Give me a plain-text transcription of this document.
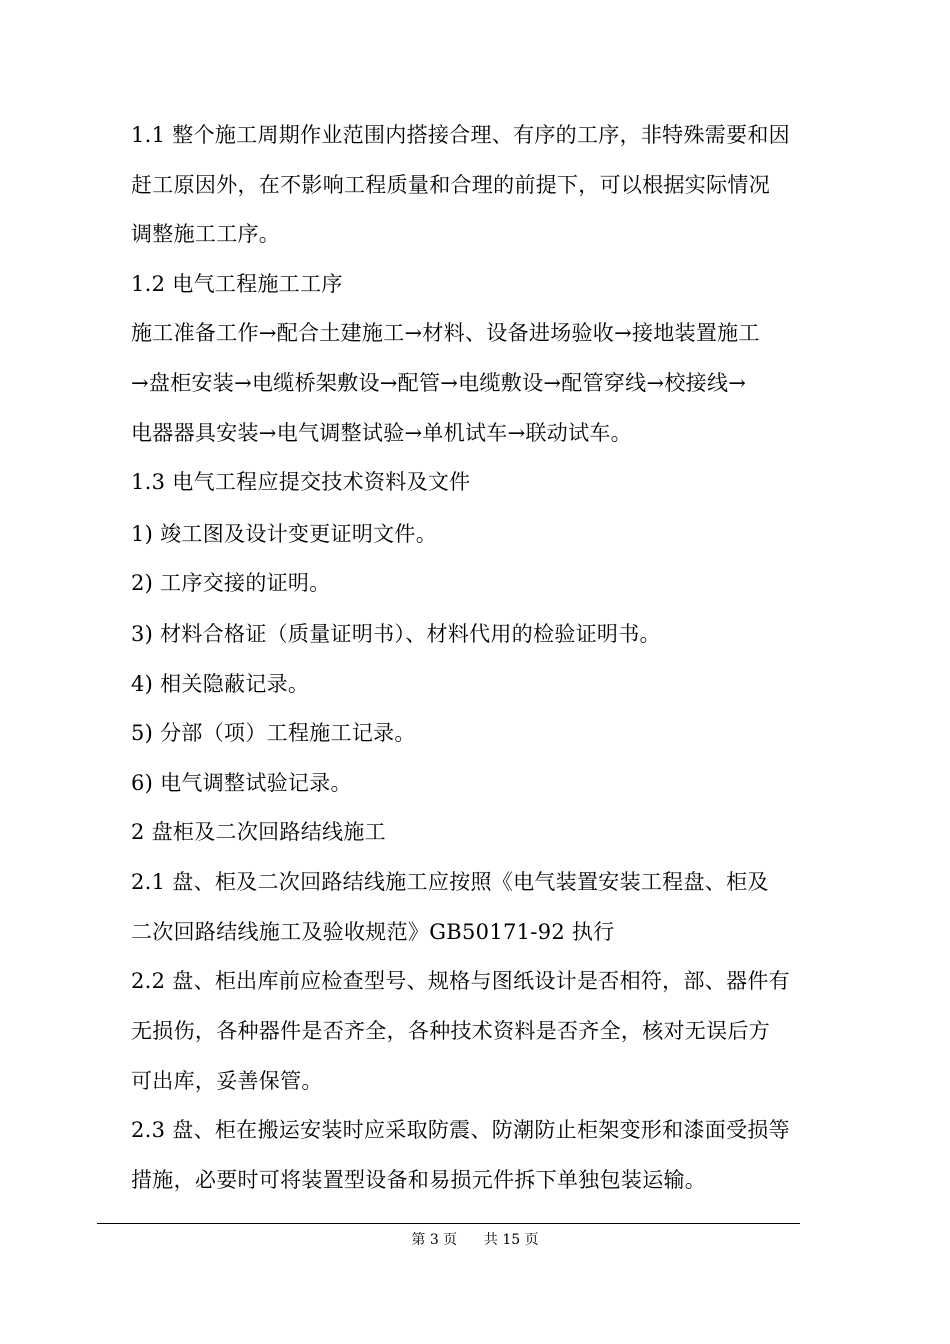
1.1 整个施工周期作业范围内搭接合理、有序的工序，非特殊需要和因
赶工原因外，在不影响工程质量和合理的前提下，可以根据实际情况
调整施工工序。
1.2 电气工程施工工序
施工准备工作→配合土建施工→材料、设备进场验收→接地装置施工
→盘柜安装→电缆桥架敷设→配管→电缆敷设→配管穿线→校接线→
电器器具安装→电气调整试验→单机试车→联动试车。
1.3 电气工程应提交技术资料及文件
1) 竣工图及设计变更证明文件。
2) 工序交接的证明。
3) 材料合格证（质量证明书）、材料代用的检验证明书。
4) 相关隐蔽记录。
5) 分部（项）工程施工记录。
6) 电气调整试验记录。
2 盘柜及二次回路结线施工
2.1 盘、柜及二次回路结线施工应按照《电气装置安装工程盘、柜及
二次回路结线施工及验收规范》GB50171-92 执行
2.2 盘、柜出库前应检查型号、规格与图纸设计是否相符，部、器件有
无损伤，各种器件是否齐全，各种技术资料是否齐全，核对无误后方
可出库，妥善保管。
2.3 盘、柜在搬运安装时应采取防震、防潮防止柜架变形和漆面受损等
措施，必要时可将装置型设备和易损元件拆下单独包装运输。
第 3 页      共 15 页
